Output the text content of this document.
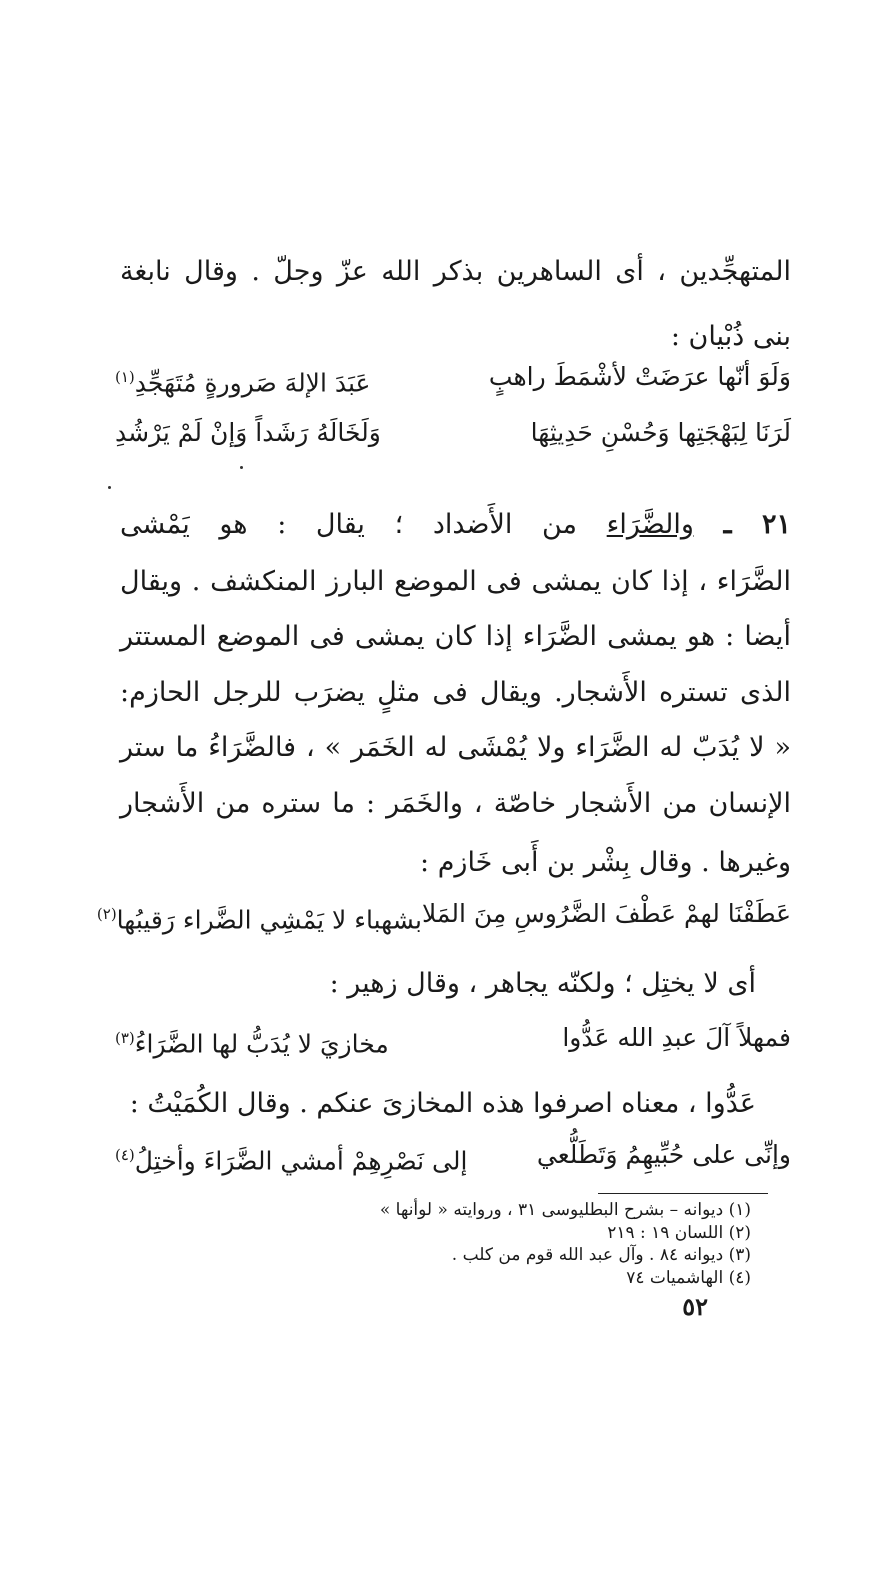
المتهجِّدين ، أى الساهرين بذكر الله عزّ وجلّ . وقال نابغة
بنى ذُبْيان :
وَلَوَ أنّها عرَضَتْ لأشْمَطَ راهبٍ
عَبَدَ الإلهَ صَرورةٍ مُتَهَجِّدِ$^{(١)}$
لَرَنَا لِبَهْجَتِها وَحُسْنِ حَدِيثِهَا
وَلَخَالَهُ رَشَداً وَإنْ لَمْ يَرْشُدِ
٢١ ـ والضَّرَاء من الأَضداد ؛ يقال : هو يَمْشى
الضَّرَاء ، إذا كان يمشى فى الموضع البارز المنكشف . ويقال
أيضا : هو يمشى الضَّرَاء إذا كان يمشى فى الموضع المستتر
الذى تستره الأَشجار. ويقال فى مثلٍ يضرَب للرجل الحازم:
« لا يُدَبّ له الضَّرَاء ولا يُمْشَى له الخَمَر » ، فالضَّرَاءُ ما ستر
الإنسان من الأَشجار خاصّة ، والخَمَر : ما ستره من الأَشجار
وغيرها . وقال بِشْر بن أَبى خَازم :
عَطَفْنَا لهمْ عَطْفَ الضَّرُوسِ مِنَ المَلا
بشهباء لا يَمْشِي الضَّراء رَقيبُها$^{(٢)}$
أى لا يختِل ؛ ولكنّه يجاهر ، وقال زهير :
فمهلاً آلَ عبدِ الله عَدُّوا
مخازيَ لا يُدَبُّ لها الضَّرَاءُ$^{(٣)}$
عَدُّوا ، معناه اصرفوا هذه المخازىَ عنكم . وقال الكُمَيْتُ :
وإنِّى على حُبِّيهِمُ وَتَطَلُّعي
إلى نَصْرِهِمْ أمشي الضَّرَاءَ وأختِلُ$^{(٤)}$
(١) ديوانه – بشرح البطليوسى ٣١ ، وروايته « لوأنها »
(٢) اللسان ١٩ : ٢١٩
(٣) ديوانه ٨٤ . وآل عبد الله قوم من كلب .
(٤) الهاشميات ٧٤
٥٢
